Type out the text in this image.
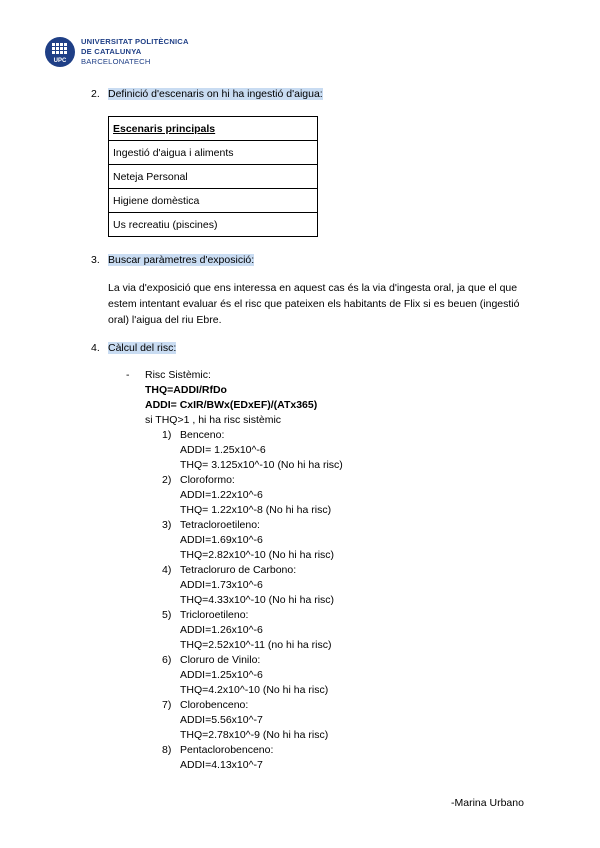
UPC
UNIVERSITAT POLITÈCNICA
DE CATALUNYA
BARCELONATECH
2. Definició d'escenaris on hi ha ingestió d'aigua:
Escenaris principals
Ingestió d'aigua i aliments
Neteja Personal
Higiene domèstica
Us recreatiu (piscines)
3. Buscar paràmetres d'exposició:
La via d'exposició que ens interessa en aquest cas és la via d'ingesta oral, ja que el que estem intentant evaluar és el risc que pateixen els habitants de Flix si es beuen (ingestió oral) l'aigua del riu Ebre.
4. Càlcul del risc:
- Risc Sistèmic:
THQ=ADDI/RfDo
ADDI= CxIR/BWx(EDxEF)/(ATx365)
si THQ>1 , hi ha risc sistèmic
1) Benceno:
ADDI= 1.25x10^-6
THQ= 3.125x10^-10 (No hi ha risc)
2) Cloroformo:
ADDI=1.22x10^-6
THQ= 1.22x10^-8 (No hi ha risc)
3) Tetracloroetileno:
ADDI=1.69x10^-6
THQ=2.82x10^-10 (No hi ha risc)
4) Tetracloruro de Carbono:
ADDI=1.73x10^-6
THQ=4.33x10^-10 (No hi ha risc)
5) Tricloroetileno:
ADDI=1.26x10^-6
THQ=2.52x10^-11 (no hi ha risc)
6) Cloruro de Vinilo:
ADDI=1.25x10^-6
THQ=4.2x10^-10 (No hi ha risc)
7) Clorobenceno:
ADDI=5.56x10^-7
THQ=2.78x10^-9 (No hi ha risc)
8) Pentaclorobenceno:
ADDI=4.13x10^-7
-Marina Urbano
